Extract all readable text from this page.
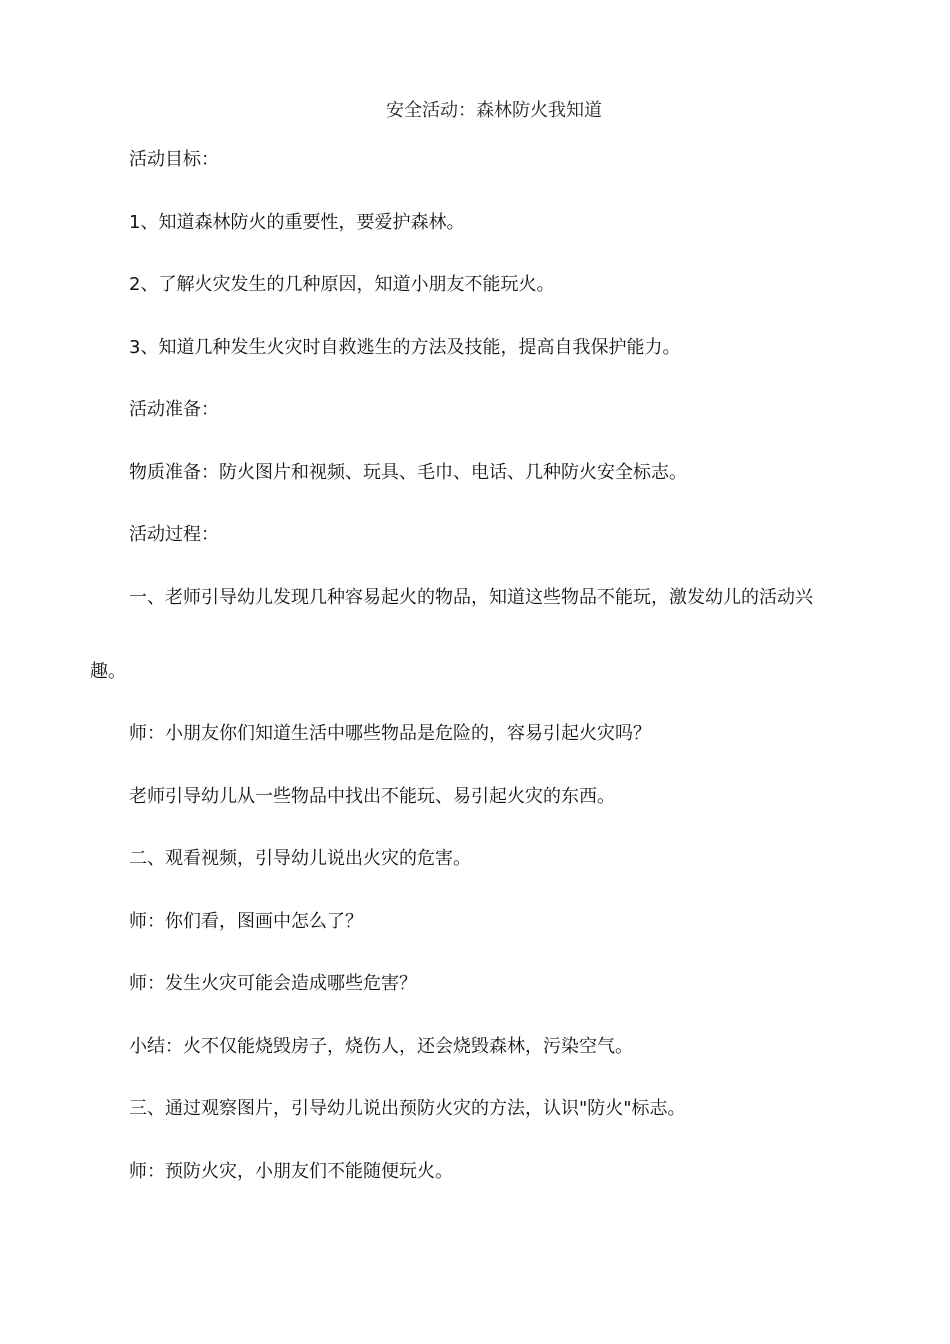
安全活动：森林防火我知道
活动目标：
1、知道森林防火的重要性，要爱护森林。
2、了解火灾发生的几种原因，知道小朋友不能玩火。
3、知道几种发生火灾时自救逃生的方法及技能，提高自我保护能力。
活动准备：
物质准备：防火图片和视频、玩具、毛巾、电话、几种防火安全标志。
活动过程：
一、老师引导幼儿发现几种容易起火的物品，知道这些物品不能玩，激发幼儿的活动兴
趣。
师：小朋友你们知道生活中哪些物品是危险的，容易引起火灾吗？
老师引导幼儿从一些物品中找出不能玩、易引起火灾的东西。
二、观看视频，引导幼儿说出火灾的危害。
师：你们看，图画中怎么了？
师：发生火灾可能会造成哪些危害？
小结：火不仅能烧毁房子，烧伤人，还会烧毁森林，污染空气。
三、通过观察图片，引导幼儿说出预防火灾的方法，认识"防火"标志。
师：预防火灾，小朋友们不能随便玩火。
